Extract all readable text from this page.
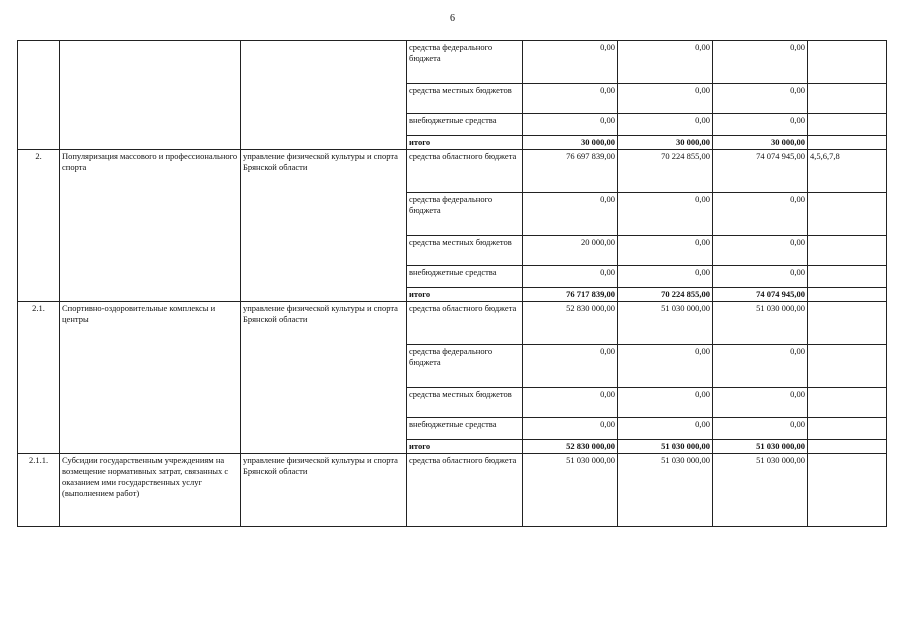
6
			средства федерального бюджета	0,00	0,00	0,00	
			средства местных бюджетов	0,00	0,00	0,00	
			внебюджетные средства	0,00	0,00	0,00	
			итого	30 000,00	30 000,00	30 000,00	
2.	Популяризация массового и профессионального спорта	управление физической культуры и спорта Брянской области	средства областного бюджета	76 697 839,00	70 224 855,00	74 074 945,00	4,5,6,7,8
			средства федерального бюджета	0,00	0,00	0,00	
			средства местных бюджетов	20 000,00	0,00	0,00	
			внебюджетные средства	0,00	0,00	0,00	
			итого	76 717 839,00	70 224 855,00	74 074 945,00	
2.1.	Спортивно-оздоровительные комплексы и центры	управление физической культуры и спорта Брянской области	средства областного бюджета	52 830 000,00	51 030 000,00	51 030 000,00	
			средства федерального бюджета	0,00	0,00	0,00	
			средства местных бюджетов	0,00	0,00	0,00	
			внебюджетные средства	0,00	0,00	0,00	
			итого	52 830 000,00	51 030 000,00	51 030 000,00	
2.1.1.	Субсидии государственным учреждениям на возмещение нормативных затрат, связанных с оказанием ими государственных услуг (выполнением работ)	управление физической культуры и спорта Брянской области	средства областного бюджета	51 030 000,00	51 030 000,00	51 030 000,00	
